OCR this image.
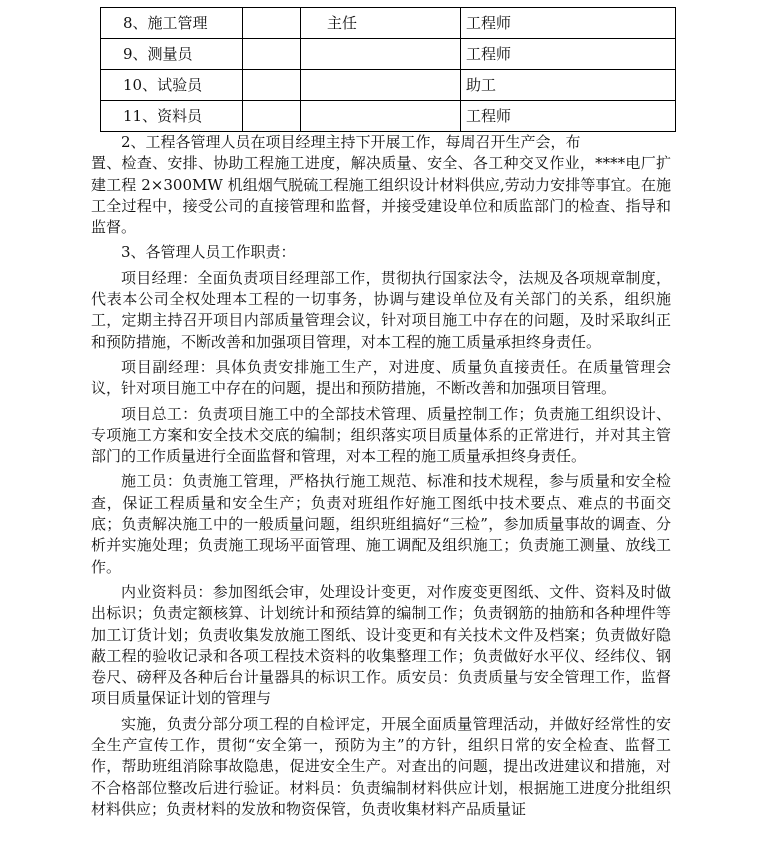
8、施工管理		主任	工程师
9、测量员			工程师
10、试验员			助工
11、资料员			工程师

2、工程各管理人员在项目经理主持下开展工作，每周召开生产会，布

置、检查、安排、协助工程施工进度，解决质量、安全、各工种交叉作业，****电厂扩建工程 2×300MW 机组烟气脱硫工程施工组织设计材料供应,劳动力安排等事宜。在施工全过程中，接受公司的直接管理和监督，并接受建设单位和质监部门的检查、指导和监督。

3、各管理人员工作职责：

项目经理：全面负责项目经理部工作，贯彻执行国家法令，法规及各项规章制度，代表本公司全权处理本工程的一切事务，协调与建设单位及有关部门的关系，组织施工，定期主持召开项目内部质量管理会议，针对项目施工中存在的问题，及时采取纠正和预防措施，不断改善和加强项目管理，对本工程的施工质量承担终身责任。

项目副经理：具体负责安排施工生产，对进度、质量负直接责任。在质量管理会议，针对项目施工中存在的问题，提出和预防措施，不断改善和加强项目管理。

项目总工：负责项目施工中的全部技术管理、质量控制工作；负责施工组织设计、专项施工方案和安全技术交底的编制；组织落实项目质量体系的正常进行，并对其主管部门的工作质量进行全面监督和管理，对本工程的施工质量承担终身责任。

施工员：负责施工管理，严格执行施工规范、标准和技术规程，参与质量和安全检查，保证工程质量和安全生产；负责对班组作好施工图纸中技术要点、难点的书面交底；负责解决施工中的一般质量问题，组织班组搞好“三检”，参加质量事故的调查、分析并实施处理；负责施工现场平面管理、施工调配及组织施工；负责施工测量、放线工作。

内业资料员：参加图纸会审，处理设计变更，对作废变更图纸、文件、资料及时做出标识；负责定额核算、计划统计和预结算的编制工作；负责钢筋的抽筋和各种埋件等加工订货计划；负责收集发放施工图纸、设计变更和有关技术文件及档案；负责做好隐蔽工程的验收记录和各项工程技术资料的收集整理工作；负责做好水平仪、经纬仪、钢卷尺、磅秤及各种后台计量器具的标识工作。质安员：负责质量与安全管理工作，监督项目质量保证计划的管理与

实施，负责分部分项工程的自检评定，开展全面质量管理活动，并做好经常性的安全生产宣传工作，贯彻“安全第一，预防为主”的方针，组织日常的安全检查、监督工作，帮助班组消除事故隐患，促进安全生产。对查出的问题，提出改进建议和措施，对不合格部位整改后进行验证。材料员：负责编制材料供应计划，根据施工进度分批组织材料供应；负责材料的发放和物资保管，负责收集材料产品质量证
